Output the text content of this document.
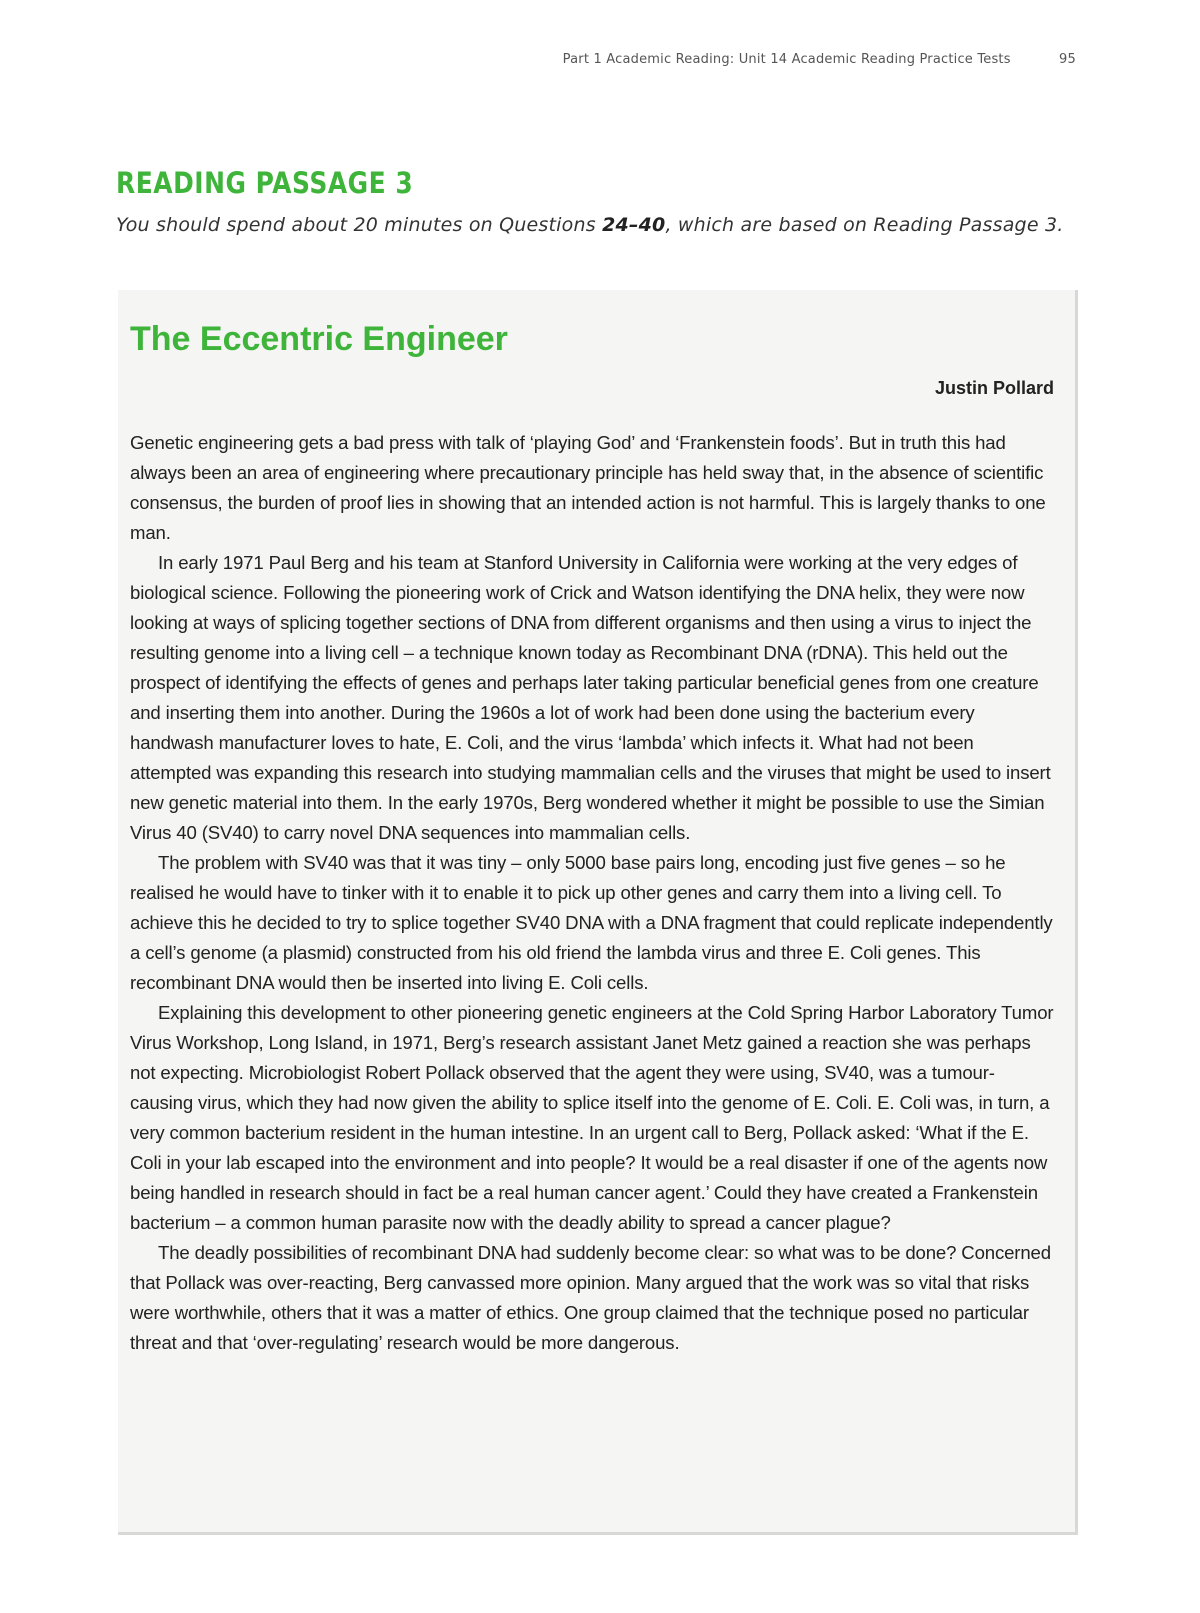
Part 1 Academic Reading: Unit 14 Academic Reading Practice Tests	95
READING PASSAGE 3
You should spend about 20 minutes on Questions 24–40, which are based on Reading Passage 3.
The Eccentric Engineer
Justin Pollard

Genetic engineering gets a bad press with talk of ‘playing God’ and ‘Frankenstein foods’. But in truth this had always been an area of engineering where precautionary principle has held sway that, in the absence of scientific consensus, the burden of proof lies in showing that an intended action is not harmful. This is largely thanks to one man.

In early 1971 Paul Berg and his team at Stanford University in California were working at the very edges of biological science. Following the pioneering work of Crick and Watson identifying the DNA helix, they were now looking at ways of splicing together sections of DNA from different organisms and then using a virus to inject the resulting genome into a living cell – a technique known today as Recombinant DNA (rDNA). This held out the prospect of identifying the effects of genes and perhaps later taking particular beneficial genes from one creature and inserting them into another. During the 1960s a lot of work had been done using the bacterium every handwash manufacturer loves to hate, E. Coli, and the virus ‘lambda’ which infects it. What had not been attempted was expanding this research into studying mammalian cells and the viruses that might be used to insert new genetic material into them. In the early 1970s, Berg wondered whether it might be possible to use the Simian Virus 40 (SV40) to carry novel DNA sequences into mammalian cells.

The problem with SV40 was that it was tiny – only 5000 base pairs long, encoding just five genes – so he realised he would have to tinker with it to enable it to pick up other genes and carry them into a living cell. To achieve this he decided to try to splice together SV40 DNA with a DNA fragment that could replicate independently a cell’s genome (a plasmid) constructed from his old friend the lambda virus and three E. Coli genes. This recombinant DNA would then be inserted into living E. Coli cells.

Explaining this development to other pioneering genetic engineers at the Cold Spring Harbor Laboratory Tumor Virus Workshop, Long Island, in 1971, Berg’s research assistant Janet Metz gained a reaction she was perhaps not expecting. Microbiologist Robert Pollack observed that the agent they were using, SV40, was a tumour-causing virus, which they had now given the ability to splice itself into the genome of E. Coli. E. Coli was, in turn, a very common bacterium resident in the human intestine. In an urgent call to Berg, Pollack asked: ‘What if the E. Coli in your lab escaped into the environment and into people? It would be a real disaster if one of the agents now being handled in research should in fact be a real human cancer agent.’ Could they have created a Frankenstein bacterium – a common human parasite now with the deadly ability to spread a cancer plague?

The deadly possibilities of recombinant DNA had suddenly become clear: so what was to be done? Concerned that Pollack was over-reacting, Berg canvassed more opinion. Many argued that the work was so vital that risks were worthwhile, others that it was a matter of ethics. One group claimed that the technique posed no particular threat and that ‘over-regulating’ research would be more dangerous.
